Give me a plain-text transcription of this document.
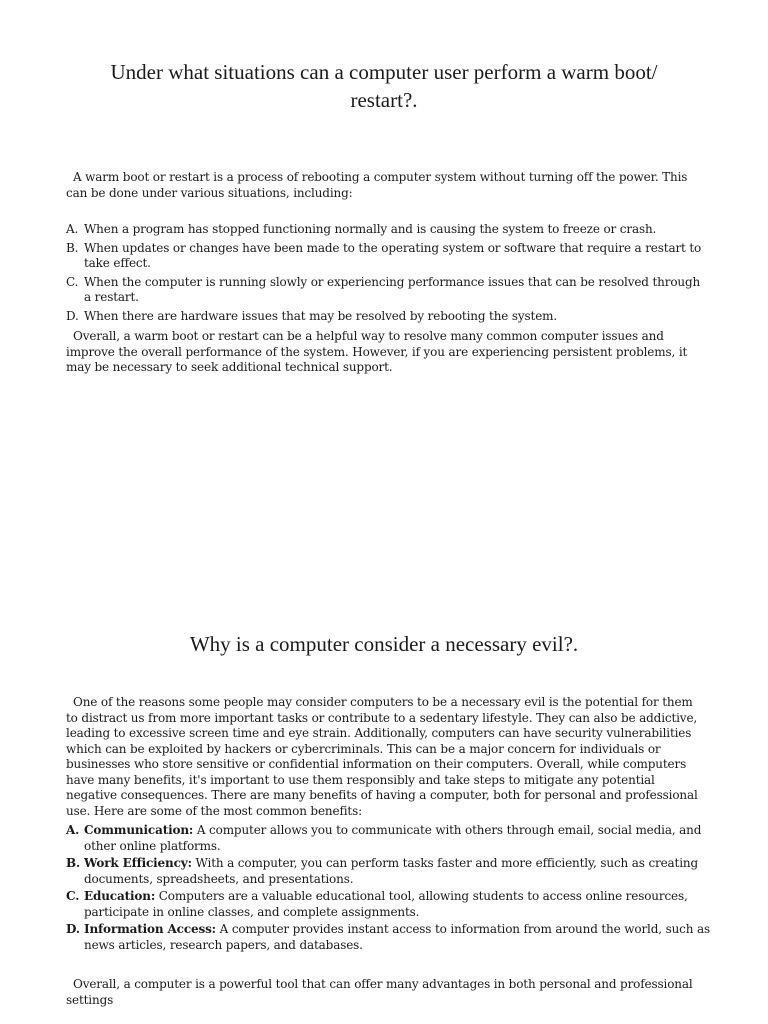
Under what situations can a computer user perform a warm boot/
restart?.

A warm boot or restart is a process of rebooting a computer system without turning off the power. This can be done under various situations, including:

A. When a program has stopped functioning normally and is causing the system to freeze or crash.
B. When updates or changes have been made to the operating system or software that require a restart to take effect.
C. When the computer is running slowly or experiencing performance issues that can be resolved through a restart.
D. When there are hardware issues that may be resolved by rebooting the system.

Overall, a warm boot or restart can be a helpful way to resolve many common computer issues and improve the overall performance of the system. However, if you are experiencing persistent problems, it may be necessary to seek additional technical support.

Why is a computer consider a necessary evil?.

One of the reasons some people may consider computers to be a necessary evil is the potential for them to distract us from more important tasks or contribute to a sedentary lifestyle. They can also be addictive, leading to excessive screen time and eye strain. Additionally, computers can have security vulnerabilities which can be exploited by hackers or cybercriminals. This can be a major concern for individuals or businesses who store sensitive or confidential information on their computers. Overall, while computers have many benefits, it's important to use them responsibly and take steps to mitigate any potential negative consequences. There are many benefits of having a computer, both for personal and professional use. Here are some of the most common benefits:

A. Communication: A computer allows you to communicate with others through email, social media, and other online platforms.
B. Work Efficiency: With a computer, you can perform tasks faster and more efficiently, such as creating documents, spreadsheets, and presentations.
C. Education: Computers are a valuable educational tool, allowing students to access online resources, participate in online classes, and complete assignments.
D. Information Access: A computer provides instant access to information from around the world, such as news articles, research papers, and databases.

Overall, a computer is a powerful tool that can offer many advantages in both personal and professional settings
